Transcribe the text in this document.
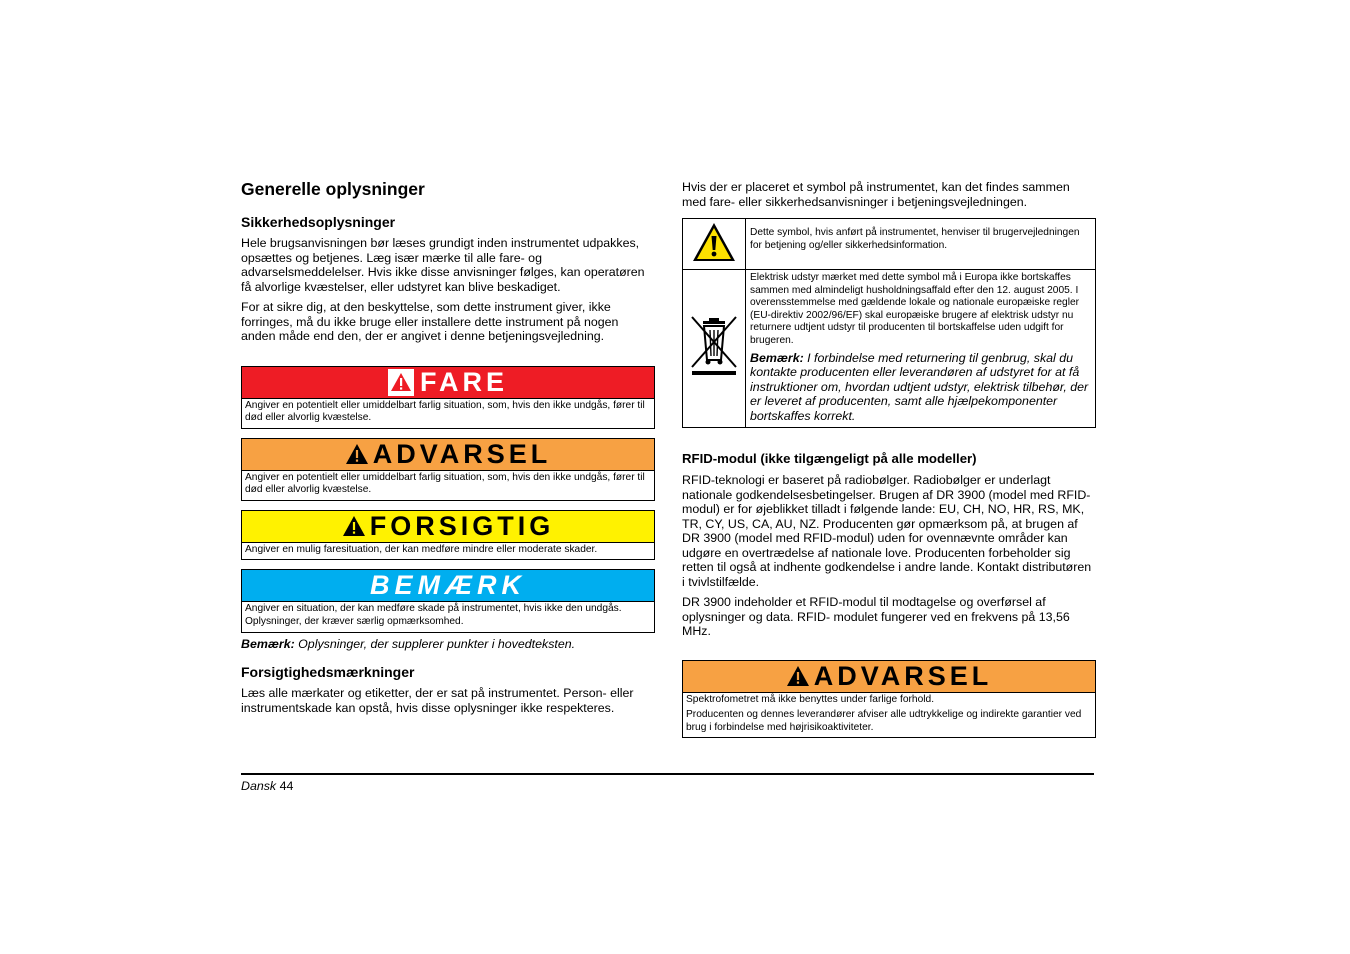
Generelle oplysninger
Sikkerhedsoplysninger

Hele brugsanvisningen bør læses grundigt inden instrumentet udpakkes, opsættes og betjenes. Læg især mærke til alle fare- og advarselsmeddelelser. Hvis ikke disse anvisninger følges, kan operatøren få alvorlige kvæstelser, eller udstyret kan blive beskadiget.

For at sikre dig, at den beskyttelse, som dette instrument giver, ikke forringes, må du ikke bruge eller installere dette instrument på nogen anden måde end den, der er angivet i denne betjeningsvejledning.

FARE
Angiver en potentielt eller umiddelbart farlig situation, som, hvis den ikke undgås, fører til død eller alvorlig kvæstelse.
ADVARSEL
Angiver en potentielt eller umiddelbart farlig situation, som, hvis den ikke undgås, fører til død eller alvorlig kvæstelse.
FORSIGTIG
Angiver en mulig faresituation, der kan medføre mindre eller moderate skader.
BEMÆRK
Angiver en situation, der kan medføre skade på instrumentet, hvis ikke den undgås. Oplysninger, der kræver særlig opmærksomhed.

Bemærk: Oplysninger, der supplerer punkter i hovedteksten.

Forsigtighedsmærkninger

Læs alle mærkater og etiketter, der er sat på instrumentet. Person- eller instrumentskade kan opstå, hvis disse oplysninger ikke respekteres.

Hvis der er placeret et symbol på instrumentet, kan det findes sammen med fare- eller sikkerhedsanvisninger i betjeningsvejledningen.

	Dette symbol, hvis anført på instrumentet, henviser til brugervejledningen for betjening og/eller sikkerhedsinformation.

Elektrisk udstyr mærket med dette symbol må i Europa ikke bortskaffes sammen med almindeligt husholdningsaffald efter den 12. august 2005. I overensstemmelse med gældende lokale og nationale europæiske regler (EU-direktiv 2002/96/EF) skal europæiske brugere af elektrisk udstyr nu returnere udtjent udstyr til producenten til bortskaffelse uden udgift for brugeren.
Bemærk: I forbindelse med returnering til genbrug, skal du kontakte producenten eller leverandøren af udstyret for at få instruktioner om, hvordan udtjent udstyr, elektrisk tilbehør, der er leveret af producenten, samt alle hjælpekomponenter bortskaffes korrekt.
RFID-modul (ikke tilgængeligt på alle modeller)

RFID-teknologi er baseret på radiobølger. Radiobølger er underlagt nationale godkendelsesbetingelser. Brugen af DR 3900 (model med RFID-modul) er for øjeblikket tilladt i følgende lande: EU, CH, NO, HR, RS, MK, TR, CY, US, CA, AU, NZ. Producenten gør opmærksom på, at brugen af DR 3900 (model med RFID-modul) uden for ovennævnte områder kan udgøre en overtrædelse af nationale love. Producenten forbeholder sig retten til også at indhente godkendelse i andre lande. Kontakt distributøren i tvivlstilfælde.

DR 3900 indeholder et RFID-modul til modtagelse og overførsel af oplysninger og data. RFID- modulet fungerer ved en frekvens på 13,56 MHz.

ADVARSEL
Spektrofometret må ikke benyttes under farlige forhold.
Producenten og dennes leverandører afviser alle udtrykkelige og indirekte garantier ved brug i forbindelse med højrisikoaktiviteter.
Dansk 44
